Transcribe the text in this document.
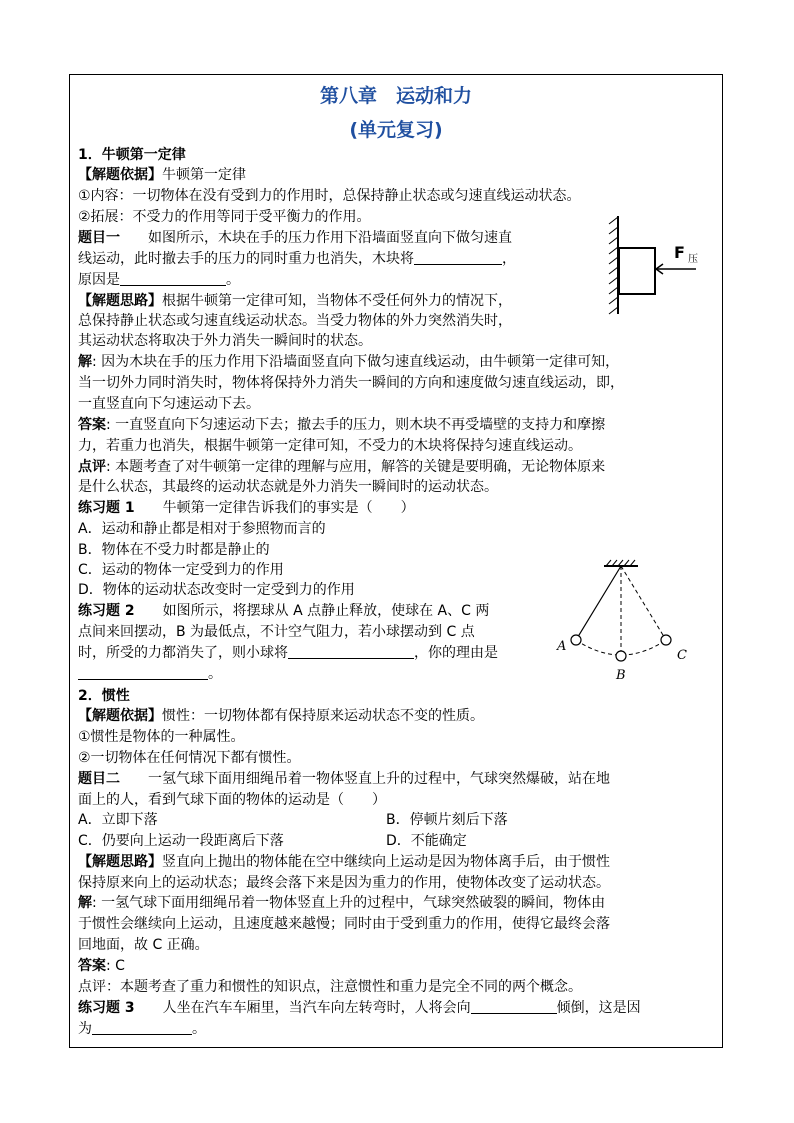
第八章　运动和力
(单元复习)
1．牛顿第一定律
【解题依据】牛顿第一定律
①内容：一切物体在没有受到力的作用时，总保持静止状态或匀速直线运动状态。
②拓展：不受力的作用等同于受平衡力的作用。
题目一 如图所示，木块在手的压力作用下沿墙面竖直向下做匀速直
线运动，此时撤去手的压力的同时重力也消失，木块将	，
原因是	。
F 压
【解题思路】根据牛顿第一定律可知，当物体不受任何外力的情况下，
总保持静止状态或匀速直线运动状态。当受力物体的外力突然消失时，
其运动状态将取决于外力消失一瞬间时的状态。
解: 因为木块在手的压力作用下沿墙面竖直向下做匀速直线运动，由牛顿第一定律可知，
当一切外力同时消失时，物体将保持外力消失一瞬间的方向和速度做匀速直线运动，即，
一直竖直向下匀速运动下去。
答案: 一直竖直向下匀速运动下去；撤去手的压力，则木块不再受墙壁的支持力和摩擦
力，若重力也消失，根据牛顿第一定律可知，不受力的木块将保持匀速直线运动。
点评: 本题考查了对牛顿第一定律的理解与应用，解答的关键是要明确，无论物体原来
是什么状态，其最终的运动状态就是外力消失一瞬间时的运动状态。
练习题 1 牛顿第一定律告诉我们的事实是（　　）
A．运动和静止都是相对于参照物而言的
B．物体在不受力时都是静止的
C．运动的物体一定受到力的作用
D．物体的运动状态改变时一定受到力的作用
A
B
C
练习题 2 如图所示，将摆球从 A 点静止释放，使球在 A、C 两
点间来回摆动，B 为最低点，不计空气阻力，若小球摆动到 C 点
时，所受的力都消失了，则小球将	，你的理由是
。
2．惯性
【解题依据】惯性：一切物体都有保持原来运动状态不变的性质。
①惯性是物体的一种属性。
②一切物体在任何情况下都有惯性。
题目二 一氢气球下面用细绳吊着一物体竖直上升的过程中，气球突然爆破，站在地
面上的人，看到气球下面的物体的运动是（　　）
A．立即下落	B．停顿片刻后下落
C．仍要向上运动一段距离后下落	D．不能确定
【解题思路】竖直向上抛出的物体能在空中继续向上运动是因为物体离手后，由于惯性
保持原来向上的运动状态；最终会落下来是因为重力的作用，使物体改变了运动状态。
解: 一氢气球下面用细绳吊着一物体竖直上升的过程中，气球突然破裂的瞬间，物体由
于惯性会继续向上运动，且速度越来越慢；同时由于受到重力的作用，使得它最终会落
回地面，故 C 正确。
答案: C
点评：本题考查了重力和惯性的知识点，注意惯性和重力是完全不同的两个概念。
练习题 3 人坐在汽车车厢里，当汽车向左转弯时，人将会向	倾倒，这是因
为	。
